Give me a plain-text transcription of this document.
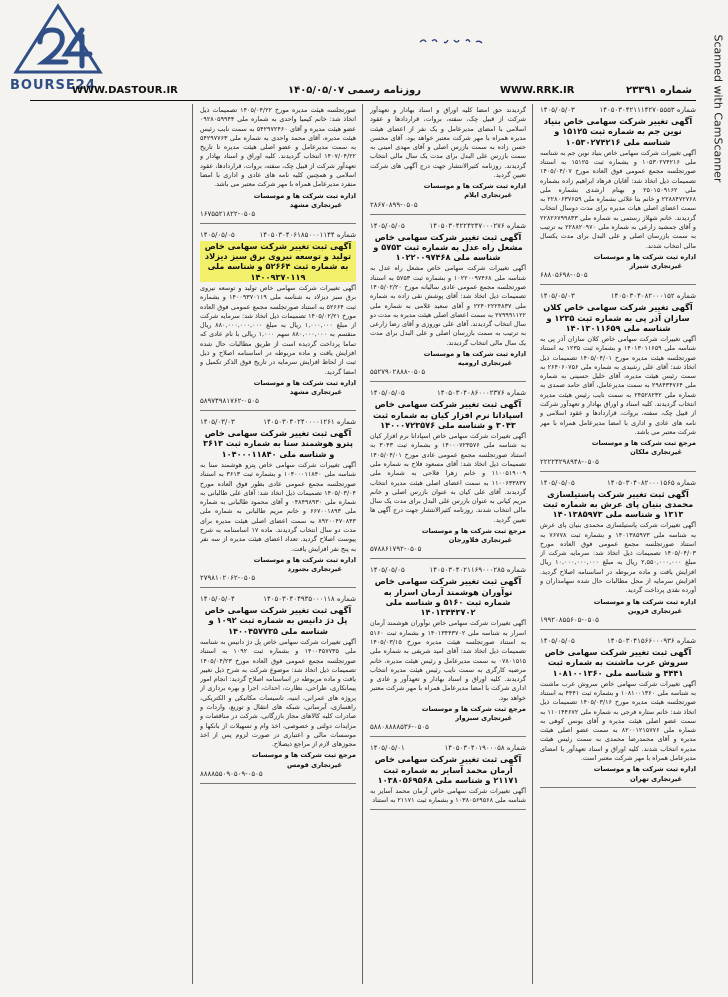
BOURSE24	Scanned with CamScanner
شماره ۲۳۳۹۱
WWW.RRK.IR
روزنامه رسمی ۱۴۰۵/۰۵/۰۷
WWW.DASTOUR.IR
شماره ۱۴۰۵۰۳۰۴۲۱۱۱۴۲۷۰۵۵۵۳
۱۴۰۵/۰۵/۰۳
آگهی تغییر شرکت سهامی خاص بنیاد نوین جم به شماره ثبت ۱۵۱۲۵ و شناسه ملی ۱۰۵۳۰۲۷۴۲۱۶
آگهی تغییرات شرکت سهامی خاص بنیاد نوین جم به شناسه ملی ۱۰۵۳۰۲۷۴۲۱۶ و بشماره ثبت ۱۵۱۲۵ به استناد صورتجلسه مجمع عمومی فوق العاده مورخ ۱۴۰۵/۰۴/۰۷ تصمیمات ذیل اتخاذ شد: آقایان فرهاد ابراهیم زاده بشماره ملی ۲۵۰۱۵۰۹۱۶۲ و بهنام ارشدی بشماره ملی ۲۲۸۸۴۷۲۷۶۸ و خانم بتا علائی بشماره ملی ۲۲۸۰۶۳۷۶۵۹ به سمت اعضای اصلی هیات مدیره برای مدت دوسال انتخاب گردیدند. خانم شهلاز رستمی به شماره ملی ۲۲۸۲۶۷۹۹۸۳۳ و آقای جمشید زارعی به شماره ملی ۲۲۸۸۲۰۹۷۰ به ترتیب به سمت بازرسان اصلی و علی البدل برای مدت یکسال مالی انتخاب شدند.
اداره ثبت شرکت ها و موسسات
غیرتجاری شیراز
۶۸۸۰۵۶۹۸-۰۵۰۵
شماره ۱۴۰۵۰۳۰۴۰۸۲۰۰۰۱۵۲
۱۴۰۵/۰۵/۰۳
آگهی تغییر شرکت سهامی خاص کلان سازان آذر پی به شماره ثبت ۱۲۳۵ و شناسه ملی ۱۴۰۱۳۰۱۱۶۵۹
آگهی تغییرات شرکت سهامی خاص کلان سازان آذر پی به شناسه ملی ۱۴۰۱۳۰۱۱۶۵۹ و بشماره ثبت ۱۲۳۵ به استناد صورتجلسه هیئت مدیره مورخ ۱۴۰۵/۰۴/۰۱ تصمیمات ذیل اتخاذ شد: آقای علی رشیدی به شماره ملی ۲۶۴۰۶۰۷۵۶ به سمت رئیس هیئت مدیره، آقای خلیل حسینی به شماره ملی ۲۹۸۴۳۴۷۶۴ به سمت مدیرعامل، آقای حامد صمدی به شماره ملی ۲۴۵۲۸۲۳۲ به سمت نایب رئیس هیئت مدیره انتخاب گردیدند. کلیه اسناد و اوراق بهادار و تعهدآور شرکت از قبیل چک، سفته، بروات، قراردادها و عقود اسلامی و نامه های عادی و اداری با امضا مدیرعامل همراه با مهر شرکت معتبر می باشد.
مرجع ثبت شرکت ها و موسسات
غیرتجاری ملکان
۲۲۲۲۴۲۹۸۹۴۸-۰۵۰۵
شماره ۱۴۰۵۰۳۰۴۰۸۲۰۰۰۱۵۶۵
۱۴۰۵/۰۵/۰۵
آگهی ثبت تغییر شرکت پاستیلسازی محمدی بنیان پای عرش به شماره ثبت ۱۳۱۳ و شناسه ملی ۱۴۰۱۳۸۵۹۷۳
آگهی تغییرات شرکت پاستیلسازی محمدی بنیان پای عرش به شناسه ملی ۱۴۰۱۳۸۵۹۷۳ و بشماره ثبت ۷۶۷۷۸ به استناد صورتجلسه مجمع عمومی فوق العاده مورخ ۱۴۰۵/۰۴/۰۳ تصمیمات ذیل اتخاذ شد: سرمایه شرکت از مبلغ ۲,۵۵۰,۰۰۰,۰۰۰ ریال به مبلغ ۱۰,۰۰۰,۰۰۰,۰۰۰ ریال افزایش یافت و ماده مربوطه در اساسنامه اصلاح گردید. افزایش سرمایه از محل مطالبات حال شده سهامداران و آورده نقدی پرداخت گردید.
اداره ثبت شرکت ها و موسسات
غیرتجاری قزوین
۱۹۹۲۰۸۵۵۶۰۵-۰۵۰۵
شماره ۱۴۰۵۰۳۰۴۱۵۶۶۰۰۰۹۳۶
۱۴۰۵/۰۵/۰۵
آگهی ثبت تغییر شرکت سهامی خاص سروش عرب ماشنت به شماره ثبت ۴۴۴۱ و شناسه ملی ۱۰۸۱۰۰۱۳۶۰
آگهی تغییرات شرکت سهامی خاص سروش عرب ماشنت به شناسه ملی ۱۰۸۱۰۰۱۳۶۰ و بشماره ثبت ۴۴۴۱ به استناد صورتجلسه هیئت مدیره مورخ ۱۴۰۵/۰۳/۱۶ تصمیمات ذیل اتخاذ شد: خانم ستاره فرجی به شماره ملی ۱۱۰۱۴۴۶۷۲ به سمت عضو اصلی هیئت مدیره و آقای یونس کوهی به شماره ملی ۸۲۰۰۱۲۱۵۷۷۶ به سمت عضو اصلی هیئت مدیره و آقای محمدرضا محمدی به سمت رئیس هیئت مدیره انتخاب شدند. کلیه اوراق و اسناد تعهدآور با امضای مدیرعامل همراه با مهر شرکت معتبر است.
اداره ثبت شرکت ها و موسسات
غیرتجاری تهران
گردیدند حق امضا کلیه اوراق و اسناد بهادار و تعهدآور شرکت از قبیل چک، سفته، بروات، قراردادها و عقود اسلامی با امضای مدیرعامل و یک نفر از اعضای هیئت مدیره همراه با مهر شرکت معتبر خواهد بود. آقای محسن حسن زاده به سمت بازرس اصلی و آقای مهدی امینی به سمت بازرس علی البدل برای مدت یک سال مالی انتخاب گردیدند. روزنامه کثیرالانتشار جهت درج آگهی های شرکت تعیین گردید.
اداره ثبت شرکت ها و موسسات
غیرتجاری ایلام
۲۸۶۷۰۸۹۹-۰۵۰۵
شماره ۱۴۰۵۰۳۰۴۲۲۴۲۴۷۰۰۰۲۷۶
۱۴۰۵/۰۵/۰۵
آگهی ثبت تغییر شرکت سهامی خاص مشعل راه عدل به شماره ثبت ۵۷۵۳ و شناسه ملی ۱۰۲۲۰۰۹۷۴۶۸
آگهی تغییرات شرکت سهامی خاص مشعل راه عدل به شناسه ملی ۱۰۲۲۰۰۹۷۴۶۸ و بشماره ثبت ۵۷۵۳ به استناد صورتجلسه مجمع عمومی عادی سالیانه مورخ ۱۴۰۵/۰۲/۲۰ تصمیمات ذیل اتخاذ شد: آقای پوشش نقی زاده به شماره ملی ۲۲۴۰۲۲۲۴۸۳۷ و آقای سعید غلامی به شماره ملی ۲۷۹۹۹۱۱۲۲ به سمت اعضای اصلی هیئت مدیره به مدت دو سال انتخاب گردیدند. آقای علی نوروزی و آقای رضا زارعی به ترتیب به سمت بازرسان اصلی و علی البدل برای مدت یک سال مالی انتخاب گردیدند.
اداره ثبت شرکت ها و موسسات
غیرتجاری ارومیه
۵۵۲۷۹۰۲۸۸۸-۰۵۰۵
شماره ۱۴۰۵۰۳۰۴۰۸۶۰۰۰۲۳۷۶
۱۴۰۵/۰۵/۰۵
آگهی ثبت تغییر شرکت سهامی خاص اسپادانا نرم افزار کیان به شماره ثبت ۳۰۴۳ و شناسه ملی ۱۴۰۰۰۷۲۳۵۷۶
آگهی تغییرات شرکت سهامی خاص اسپادانا نرم افزار کیان به شناسه ملی ۱۴۰۰۰۷۲۳۵۷۶ و بشماره ثبت ۳۰۴۳ به استناد صورتجلسه مجمع عمومی عادی مورخ ۱۴۰۵/۰۴/۰۱ تصمیمات ذیل اتخاذ شد: آقای مسعود فلاح به شماره ملی ۱۱۰۰۵۱۹۰۰۹ و خانم زهرا فلاحی به شماره ملی ۱۱۰۰۶۳۳۸۳۷ به سمت اعضای اصلی هیئت مدیره انتخاب گردیدند. آقای علی کیان به عنوان بازرس اصلی و خانم مریم کیانی به عنوان بازرس علی البدل برای مدت یک سال مالی انتخاب شدند. روزنامه کثیرالانتشار جهت درج آگهی ها تعیین گردید.
مرجع ثبت شرکت ها و موسسات
غیرتجاری فلاورجان
۵۷۸۸۶۱۷۹۲-۰۵۰۵
شماره ۱۴۰۵۰۳۰۴۰۲۱۱۶۹۰۰۰۲۸۵
۱۴۰۵/۰۵/۰۵
آگهی ثبت تغییر شرکت سهامی خاص نوآوران هوشمند آرمان اسرار به شماره ثبت ۵۱۶۰ و شناسه ملی ۱۴۰۱۳۴۴۳۷۰۲
آگهی تغییرات شرکت سهامی خاص نوآوران هوشمند آرمان اسرار به شناسه ملی ۱۴۰۱۳۴۴۳۷۰۲ و بشماره ثبت ۵۱۶۰ به استناد صورتجلسه هیئت مدیره مورخ ۱۴۰۵/۰۳/۱۵ تصمیمات ذیل اتخاذ شد: آقای امید شریفی به شماره ملی ۰۷۸۰۱۵۱۵ به سمت مدیرعامل و رئیس هیئت مدیره، خانم مرضیه کارگری به سمت نایب رئیس هیئت مدیره انتخاب گردیدند. کلیه اوراق و اسناد بهادار و تعهدآور و عادی و اداری شرکت با امضا مدیرعامل همراه با مهر شرکت معتبر خواهد بود.
مرجع ثبت شرکت ها و موسسات
غیرتجاری سبزوار
۵۸۸۰۸۸۸۸۵۳۶-۰۵۰۵
شماره ۱۴۰۵۰۳۰۴۰۱۹۰۰۰۵۸
۱۴۰۵/۰۵/۰۱
آگهی ثبت تغییر شرکت سهامی خاص آرمان محمد آسایر به شماره ثبت ۲۱۱۷۱ و شناسه ملی ۱۰۳۸۰۵۶۹۵۶۸
آگهی تغییرات شرکت سهامی خاص آرمان محمد آسایر به شناسه ملی ۱۰۳۸۰۵۶۹۵۶۸ و بشماره ثبت ۲۱۱۷۱ به استناد
صورتجلسه هیئت مدیره مورخ ۱۴۰۵/۰۴/۲۲ تصمیمات ذیل اتخاذ شد: خانم کیمیا واحدی به شماره ملی ۰۹۲۸۰۵۹۹۴۴ عضو هیئت مدیره و آقای ۵۴۲۹۷۲۴۶۰ به سمت نایب رئیس هیئت مدیره، آقای محمد واحدی به شماره ملی ۵۴۲۹۷۷۶۳ به سمت مدیرعامل و عضو اصلی هیئت مدیره تا تاریخ ۱۴۰۷/۰۴/۲۲ انتخاب گردیدند. کلیه اوراق و اسناد بهادار و تعهدآور شرکت از قبیل چک، سفته، بروات، قراردادها، عقود اسلامی و همچنین کلیه نامه های عادی و اداری با امضا منفرد مدیرعامل همراه با مهر شرکت معتبر می باشد.
اداره ثبت شرکت ها و موسسات
غیرتجاری مشهد
۱۶۷۵۵۲۱۸۲۲-۰۵۰۵
شماره ۱۴۰۵۰۳۰۴۰۶۱۸۵۰۰۰۱۱۴۴
۱۴۰۵/۰۵/۰۵
آگهی ثبت تغییر شرکت سهامی خاص تولید و توسعه نیروی برق سبز دیزلاد به شماره ثبت ۵۲۶۶۴ و شناسه ملی ۱۴۰۰۹۳۷۰۱۱۹
آگهی تغییرات شرکت سهامی خاص تولید و توسعه نیروی برق سبز دیزلاد به شناسه ملی ۱۴۰۰۹۳۷۰۱۱۹ و بشماره ثبت ۵۲۶۶۴ به استناد صورتجلسه مجمع عمومی فوق العاده مورخ ۱۴۰۵/۰۲/۲۱ تصمیمات ذیل اتخاذ شد: سرمایه شرکت از مبلغ ۱,۰۰۰,۰۰۰ ریال به مبلغ ۸۸۰,۰۰۰,۰۰۰,۰۰۰ ریال منقسم به ۸۸۰,۰۰۰,۰۰۰ سهم ۱,۰۰۰ ریالی با نام عادی که تماما پرداخت گردیده است از طریق مطالبات حال شده افزایش یافت و ماده مربوطه در اساسنامه اصلاح و ذیل ثبت از لحاظ افزایش سرمایه در تاریخ فوق الذکر تکمیل و امضا گردید.
اداره ثبت شرکت ها و موسسات
غیرتجاری مشهد
۵۸۹۷۴۹۸۱۷۶۲-۰۵۰۵
شماره ۱۴۰۵۰۳۰۴۰۲۴۰۰۰۰۱۲۶۱
۱۴۰۵/۰۳/۰۳
آگهی ثبت تغییر شرکت سهامی خاص پترو هوشمند سنا به شماره ثبت ۳۶۱۳ و شناسه ملی ۱۰۴۰۰۰۱۱۸۴۰
آگهی تغییرات شرکت سهامی خاص پترو هوشمند سنا به شناسه ملی ۱۰۴۰۰۰۱۱۸۴۰ و بشماره ثبت ۳۶۱۳ به استناد صورتجلسه مجمع عمومی عادی بطور فوق العاده مورخ ۱۴۰۵/۰۳/۰۴ تصمیمات ذیل اتخاذ شد: آقای علی طالبانی به شماره ملی ۰۴۸۴۹۸۹۳۰ و آقای محمود طالبانی به شماره ملی ۶۶۷۰۰۱۸۹۳ و خانم مریم طالبانی به شماره ملی ۸۹۲۰۰۴۷۰۸۴۳ به سمت اعضای اصلی هیئت مدیره برای مدت دو سال انتخاب گردیدند. ماده ۱۷ اساسنامه به شرح پیوست اصلاح گردید. تعداد اعضای هیئت مدیره از سه نفر به پنج نفر افزایش یافت.
اداره ثبت شرکت ها و موسسات
غیرتجاری بجنورد
۲۷۹۸۱۰۲۰۶۲-۰۵۰۵
شماره ۱۴۰۵۰۳۰۴۰۴۹۳۵۰۰۰۱۱۸
۱۴۰۵/۰۵/۰۴
آگهی ثبت تغییر شرکت سهامی خاص پل دژ دانیس به شماره ثبت ۱۰۹۲ و شناسه ملی ۱۴۰۰۴۵۷۷۳۵
آگهی تغییرات شرکت سهامی خاص پل دژ دانیس به شناسه ملی ۱۴۰۰۴۵۷۷۳۵ و بشماره ثبت ۱۰۹۲ به استناد صورتجلسه مجمع عمومی فوق العاده مورخ ۱۴۰۵/۰۴/۲۳ تصمیمات ذیل اتخاذ شد: موضوع شرکت به شرح ذیل تغییر یافت و ماده مربوطه در اساسنامه اصلاح گردید: انجام امور پیمانکاری، طراحی، نظارت، احداث، اجرا و بهره برداری از پروژه های عمرانی، ابنیه، تاسیسات مکانیکی و الکتریکی، راهسازی، آبرسانی، شبکه های انتقال و توزیع، واردات و صادرات کلیه کالاهای مجاز بازرگانی، شرکت در مناقصات و مزایدات دولتی و خصوصی، اخذ وام و تسهیلات از بانکها و موسسات مالی و اعتباری در صورت لزوم پس از اخذ مجوزهای لازم از مراجع ذیصلاح.
مرجع ثبت شرکت ها و موسسات
غیرتجاری قومس
۸۸۸۸۵۵۰۹۰۵۰۹-۰۵۰۵
